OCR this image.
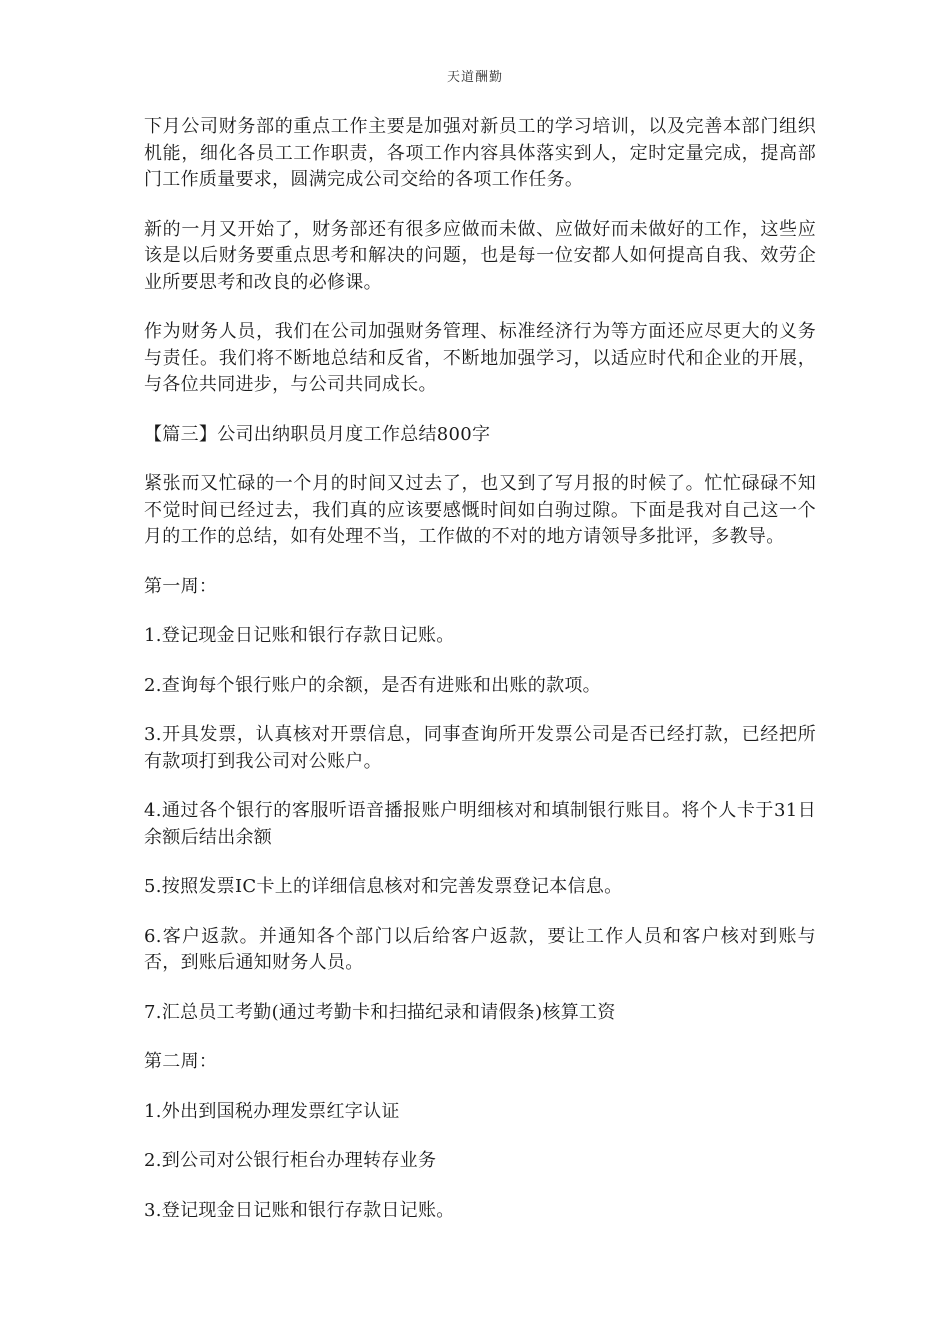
天道酬勤

下月公司财务部的重点工作主要是加强对新员工的学习培训，以及完善本部门组织机能，细化各员工工作职责，各项工作内容具体落实到人，定时定量完成，提高部门工作质量要求，圆满完成公司交给的各项工作任务。

新的一月又开始了，财务部还有很多应做而未做、应做好而未做好的工作，这些应该是以后财务要重点思考和解决的问题，也是每一位安都人如何提高自我、效劳企业所要思考和改良的必修课。

作为财务人员，我们在公司加强财务管理、标准经济行为等方面还应尽更大的义务与责任。我们将不断地总结和反省，不断地加强学习，以适应时代和企业的开展，与各位共同进步，与公司共同成长。

【篇三】公司出纳职员月度工作总结800字

紧张而又忙碌的一个月的时间又过去了，也又到了写月报的时候了。忙忙碌碌不知不觉时间已经过去，我们真的应该要感慨时间如白驹过隙。下面是我对自己这一个月的工作的总结，如有处理不当，工作做的不对的地方请领导多批评，多教导。

第一周：

1.登记现金日记账和银行存款日记账。

2.查询每个银行账户的余额，是否有进账和出账的款项。

3.开具发票，认真核对开票信息，同事查询所开发票公司是否已经打款，已经把所有款项打到我公司对公账户。

4.通过各个银行的客服听语音播报账户明细核对和填制银行账目。将个人卡于31日余额后结出余额

5.按照发票IC卡上的详细信息核对和完善发票登记本信息。

6.客户返款。并通知各个部门以后给客户返款，要让工作人员和客户核对到账与否，到账后通知财务人员。

7.汇总员工考勤(通过考勤卡和扫描纪录和请假条)核算工资

第二周：

1.外出到国税办理发票红字认证

2.到公司对公银行柜台办理转存业务

3.登记现金日记账和银行存款日记账。
